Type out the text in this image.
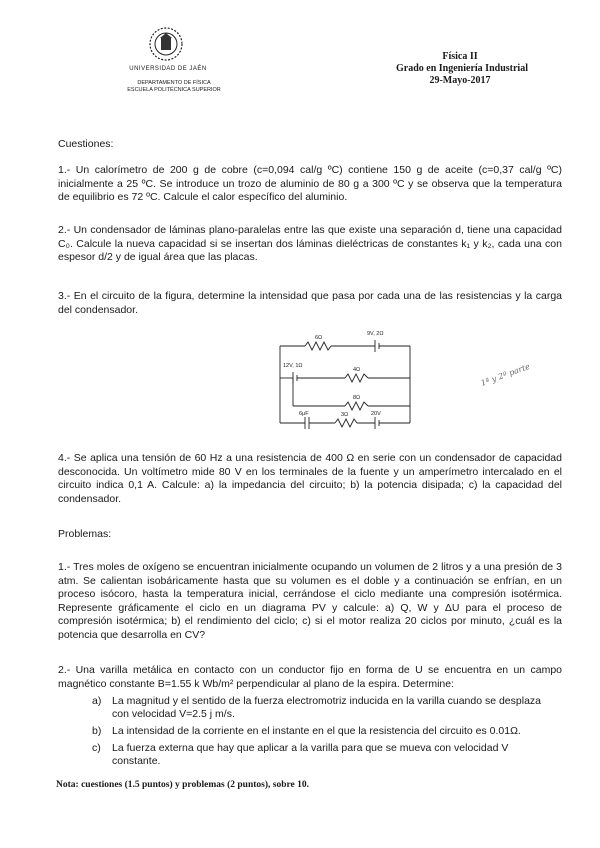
UNIVERSIDAD DE JAÉN
DEPARTAMENTO DE FÍSICA
ESCUELA POLITÉCNICA SUPERIOR
Física II
Grado en Ingeniería Industrial
29-Mayo-2017
Cuestiones:

1.- Un calorímetro de 200 g de cobre (c=0,094 cal/g ºC) contiene 150 g de aceite (c=0,37 cal/g ºC) inicialmente a 25 ºC. Se introduce un trozo de aluminio de 80 g a 300 ºC y se observa que la temperatura de equilibrio es 72 ºC. Calcule el calor específico del aluminio.

2.- Un condensador de láminas plano-paralelas entre las que existe una separación d, tiene una capacidad C₀. Calcule la nueva capacidad si se insertan dos láminas dieléctricas de constantes k₁ y k₂, cada una con espesor d/2 y de igual área que las placas.

3.- En el circuito de la figura, determine la intensidad que pasa por cada una de las resistencias y la carga del condensador.

6Ω
9V, 2Ω
12V, 1Ω
4Ω
8Ω
6μF	3Ω	20V
1ª y 2ª parte

4.- Se aplica una tensión de 60 Hz a una resistencia de 400 Ω en serie con un condensador de capacidad desconocida. Un voltímetro mide 80 V en los terminales de la fuente y un amperímetro intercalado en el circuito indica 0,1 A. Calcule: a) la impedancia del circuito; b) la potencia disipada; c) la capacidad del condensador.

Problemas:

1.- Tres moles de oxígeno se encuentran inicialmente ocupando un volumen de 2 litros y a una presión de 3 atm. Se calientan isobáricamente hasta que su volumen es el doble y a continuación se enfrían, en un proceso isócoro, hasta la temperatura inicial, cerrándose el ciclo mediante una compresión isotérmica. Represente gráficamente el ciclo en un diagrama PV y calcule: a) Q, W y ΔU para el proceso de compresión isotérmica; b) el rendimiento del ciclo; c) si el motor realiza 20 ciclos por minuto, ¿cuál es la potencia que desarrolla en CV?

2.- Una varilla metálica en contacto con un conductor fijo en forma de U se encuentra en un campo magnético constante B=1.55 k Wb/m² perpendicular al plano de la espira. Determine:

a) La magnitud y el sentido de la fuerza electromotriz inducida en la varilla cuando se desplaza con velocidad V=2.5 j m/s.
b) La intensidad de la corriente en el instante en el que la resistencia del circuito es 0.01Ω.
c) La fuerza externa que hay que aplicar a la varilla para que se mueva con velocidad V constante.
Nota: cuestiones (1.5 puntos) y problemas (2 puntos), sobre 10.
